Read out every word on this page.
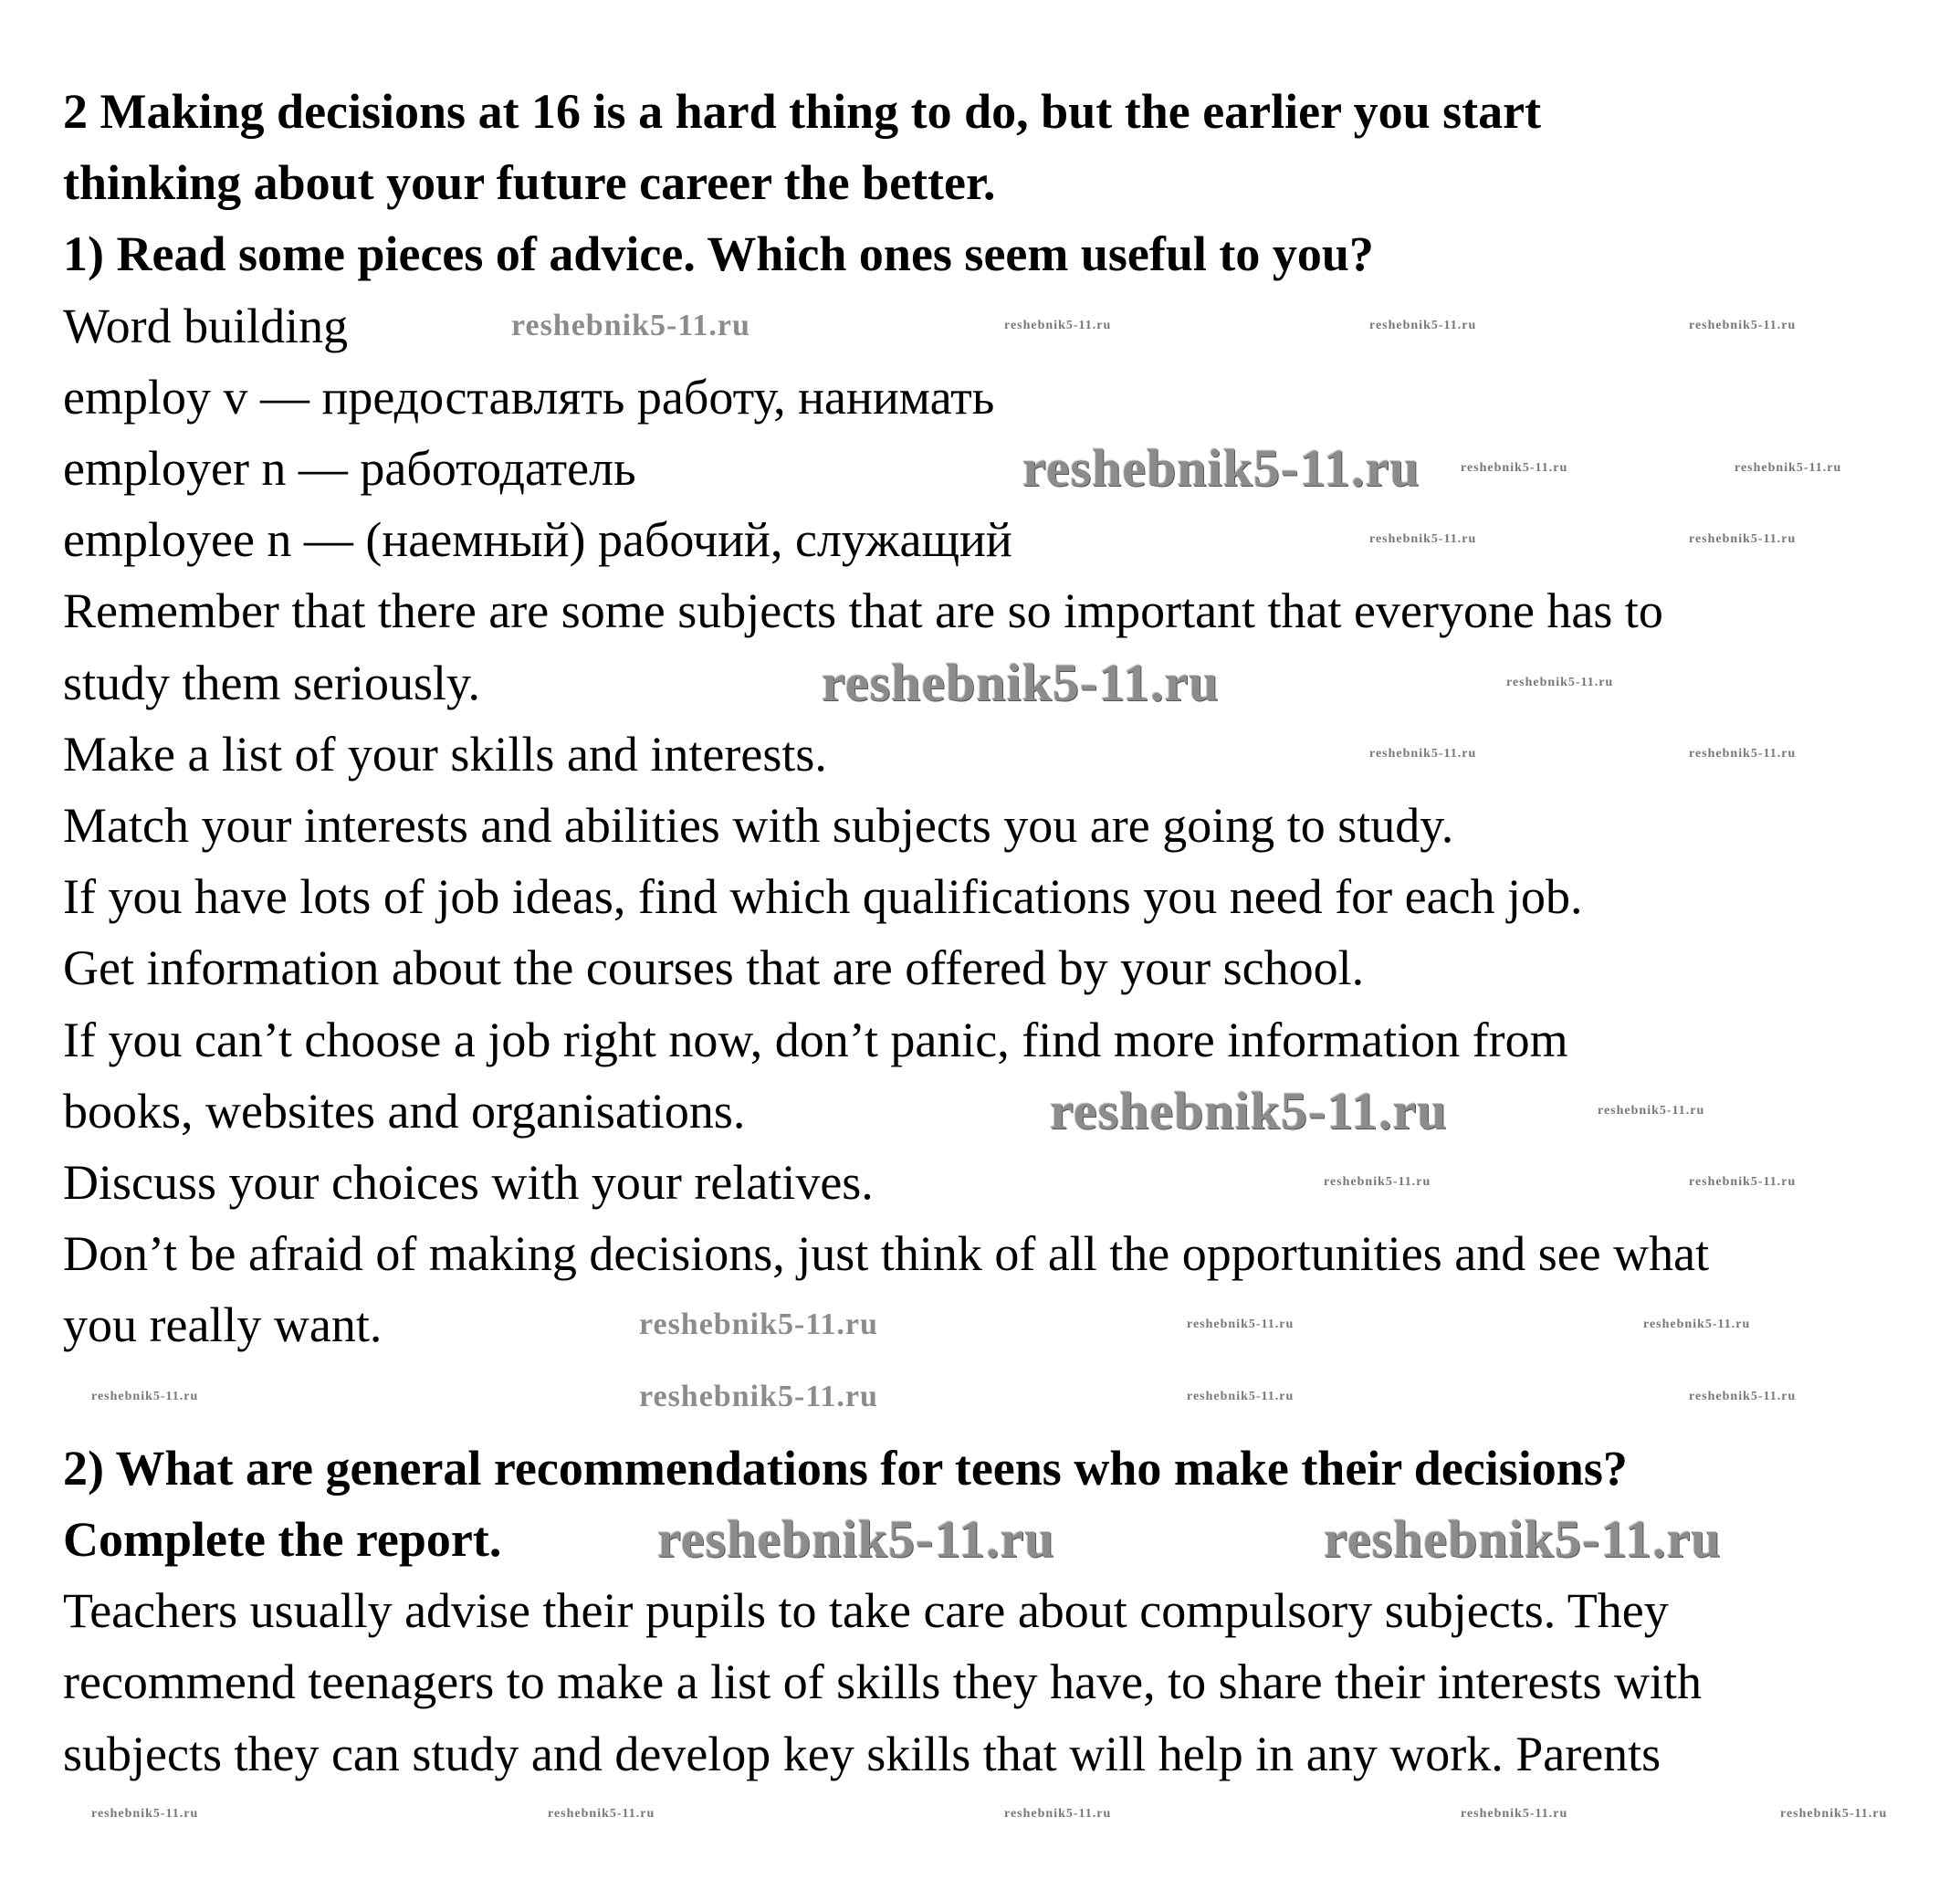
2 Making decisions at 16 is a hard thing to do, but the earlier you start
thinking about your future career the better.
1) Read some pieces of advice. Which ones seem useful to you?
Word building
employ v — предоставлять работу, нанимать
employer n — работодатель
employee n — (наемный) рабочий, служащий
Remember that there are some subjects that are so important that everyone has to
study them seriously.
Make a list of your skills and interests.
Match your interests and abilities with subjects you are going to study.
If you have lots of job ideas, find which qualifications you need for each job.
Get information about the courses that are offered by your school.
If you can’t choose a job right now, don’t panic, find more information from
books, websites and organisations.
Discuss your choices with your relatives.
Don’t be afraid of making decisions, just think of all the opportunities and see what
you really want.
2) What are general recommendations for teens who make their decisions?
Complete the report.
Teachers usually advise their pupils to take care about compulsory subjects. They
recommend teenagers to make a list of skills they have, to share their interests with
subjects they can study and develop key skills that will help in any work. Parents
reshebnik5-11.ru
reshebnik5-11.ru
reshebnik5-11.ru
reshebnik5-11.ru	reshebnik5-11.ru
reshebnik5-11.ru
reshebnik5-11.ru
reshebnik5-11.ru
reshebnik5-11.ru	reshebnik5-11.ru	reshebnik5-11.ru
reshebnik5-11.ru	reshebnik5-11.ru
reshebnik5-11.ru	reshebnik5-11.ru
reshebnik5-11.ru
reshebnik5-11.ru	reshebnik5-11.ru
reshebnik5-11.ru
reshebnik5-11.ru	reshebnik5-11.ru
reshebnik5-11.ru	reshebnik5-11.ru
reshebnik5-11.ru	reshebnik5-11.ru	reshebnik5-11.ru
reshebnik5-11.ru	reshebnik5-11.ru	reshebnik5-11.ru	reshebnik5-11.ru	reshebnik5-11.ru
